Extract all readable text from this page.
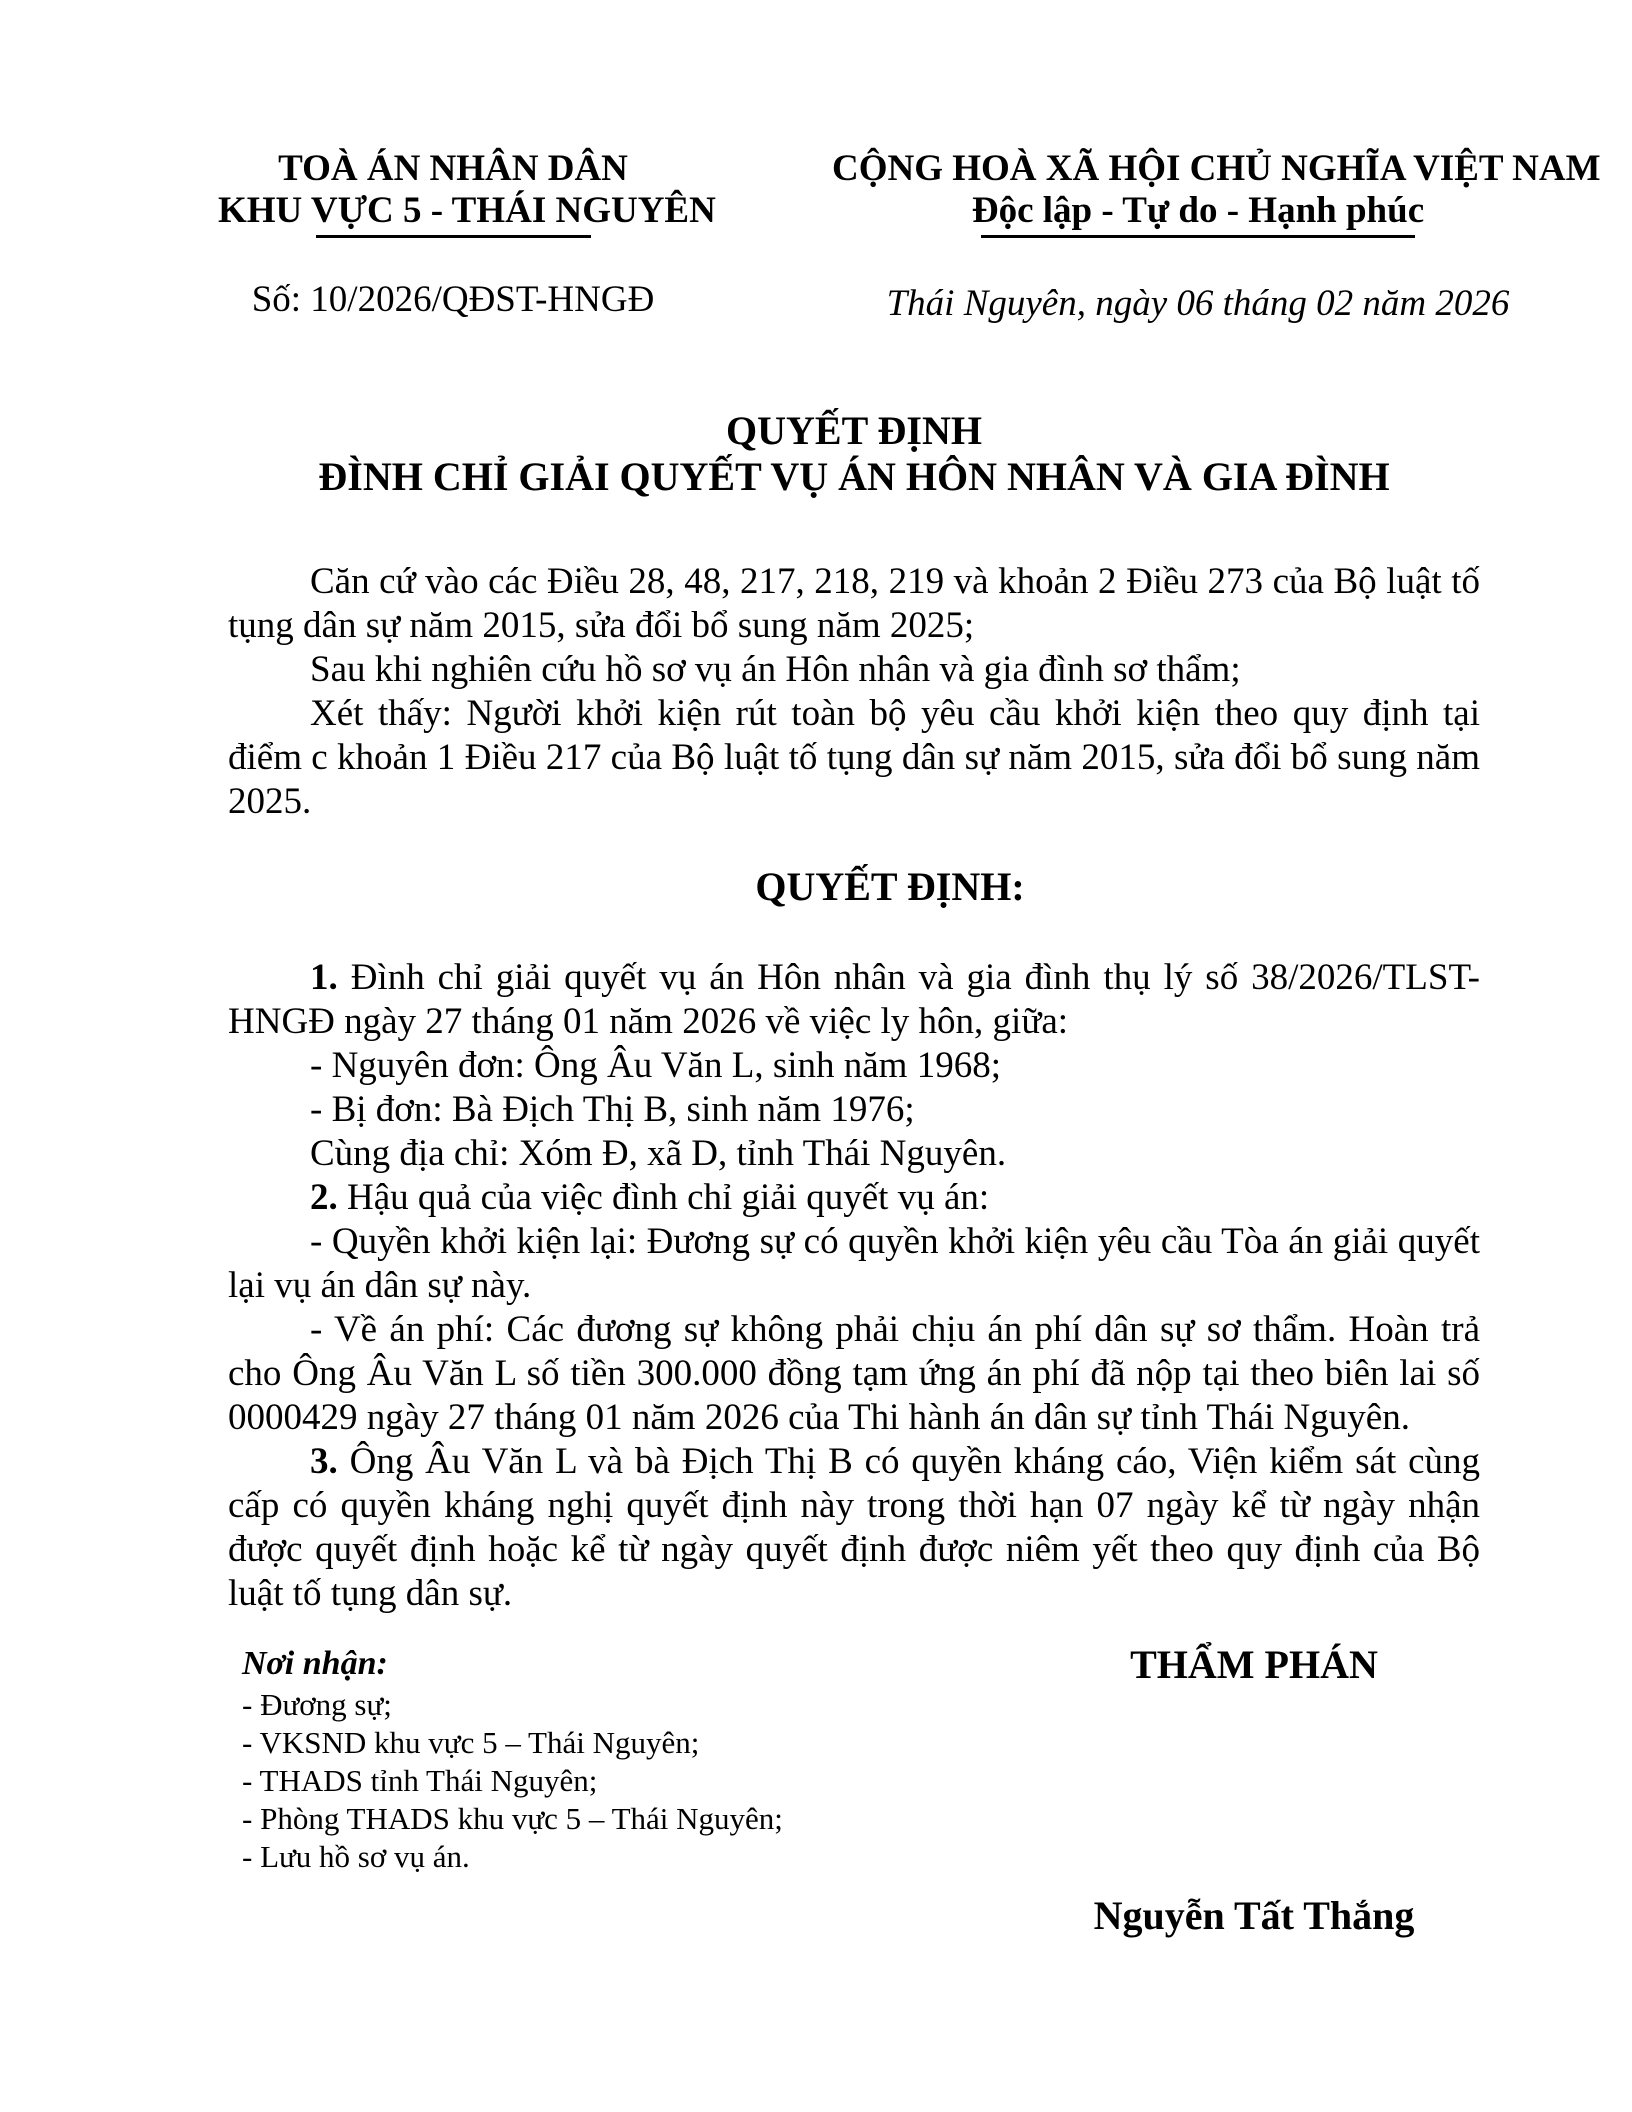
TOÀ ÁN NHÂN DÂN
KHU VỰC 5 - THÁI NGUYÊN
Số: 10/2026/QĐST-HNGĐ
CỘNG HOÀ XÃ HỘI CHỦ NGHĨA VIỆT NAM
Độc lập - Tự do - Hạnh phúc
Thái Nguyên, ngày 06 tháng 02 năm 2026
QUYẾT ĐỊNH
ĐÌNH CHỈ GIẢI QUYẾT VỤ ÁN HÔN NHÂN VÀ GIA ĐÌNH

Căn cứ vào các Điều 28, 48, 217, 218, 219 và khoản 2 Điều 273 của Bộ luật tố tụng dân sự năm 2015, sửa đổi bổ sung năm 2025;

Sau khi nghiên cứu hồ sơ vụ án Hôn nhân và gia đình sơ thẩm;

Xét thấy: Người khởi kiện rút toàn bộ yêu cầu khởi kiện theo quy định tại điểm c khoản 1 Điều 217 của Bộ luật tố tụng dân sự năm 2015, sửa đổi bổ sung năm 2025.

QUYẾT ĐỊNH:

1. Đình chỉ giải quyết vụ án Hôn nhân và gia đình thụ lý số 38/2026/TLST-HNGĐ ngày 27 tháng 01 năm 2026 về việc ly hôn, giữa:

- Nguyên đơn: Ông Âu Văn L, sinh năm 1968;

- Bị đơn: Bà Địch Thị B, sinh năm 1976;

Cùng địa chỉ: Xóm Đ, xã D, tỉnh Thái Nguyên.

2. Hậu quả của việc đình chỉ giải quyết vụ án:

- Quyền khởi kiện lại: Đương sự có quyền khởi kiện yêu cầu Tòa án giải quyết lại vụ án dân sự này.

- Về án phí: Các đương sự không phải chịu án phí dân sự sơ thẩm. Hoàn trả cho Ông Âu Văn L số tiền 300.000 đồng tạm ứng án phí đã nộp tại theo biên lai số 0000429 ngày 27 tháng 01 năm 2026 của Thi hành án dân sự tỉnh Thái Nguyên.

3. Ông Âu Văn L và bà Địch Thị B có quyền kháng cáo, Viện kiểm sát cùng cấp có quyền kháng nghị quyết định này trong thời hạn 07 ngày kể từ ngày nhận được quyết định hoặc kể từ ngày quyết định được niêm yết theo quy định của Bộ luật tố tụng dân sự.

Nơi nhận:
- Đương sự;
- VKSND khu vực 5 – Thái Nguyên;
- THADS tỉnh Thái Nguyên;
- Phòng THADS khu vực 5 – Thái Nguyên;
- Lưu hồ sơ vụ án.
THẨM PHÁN
Nguyễn Tất Thắng
